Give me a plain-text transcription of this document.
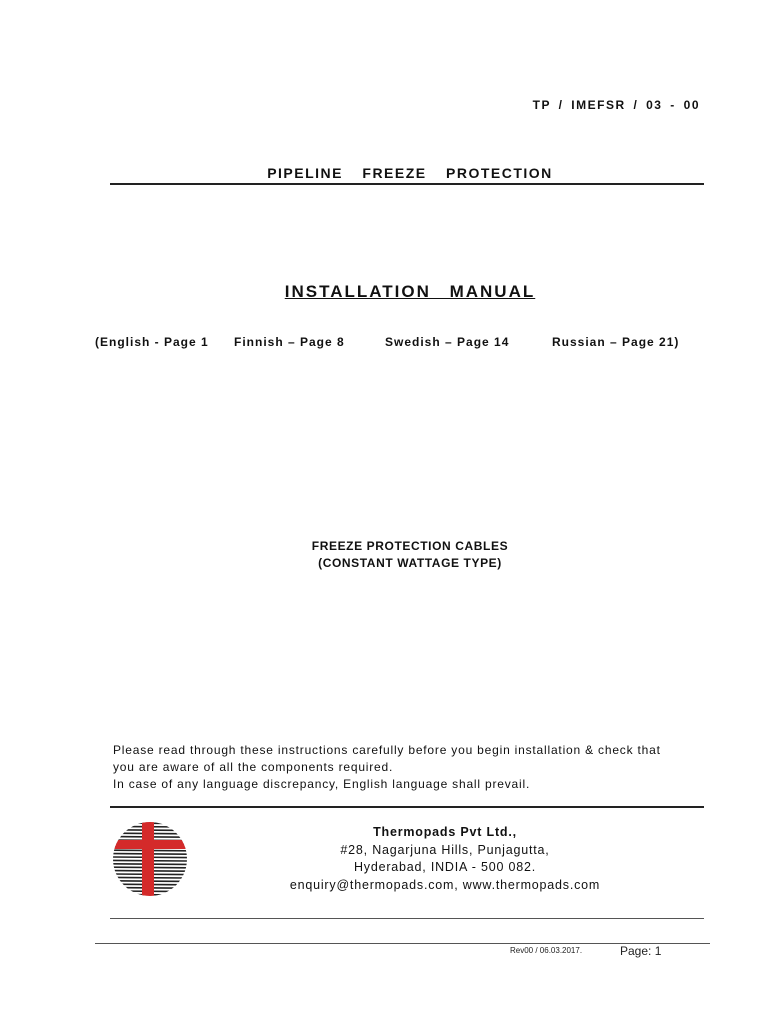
TP / IMEFSR / 03 - 00
PIPELINE FREEZE PROTECTION
INSTALLATION MANUAL
(English - Page 1 Finnish – Page 8	Swedish – Page 14	Russian – Page 21)
FREEZE PROTECTION CABLES
(CONSTANT WATTAGE TYPE)
Please read through these instructions carefully before you begin installation & check that
you are aware of all the components required.
In case of any language discrepancy, English language shall prevail.
Thermopads Pvt Ltd.,
#28, Nagarjuna Hills, Punjagutta,
Hyderabad, INDIA - 500 082.
enquiry@thermopads.com, www.thermopads.com
Rev00 / 06.03.2017.	Page: 1
